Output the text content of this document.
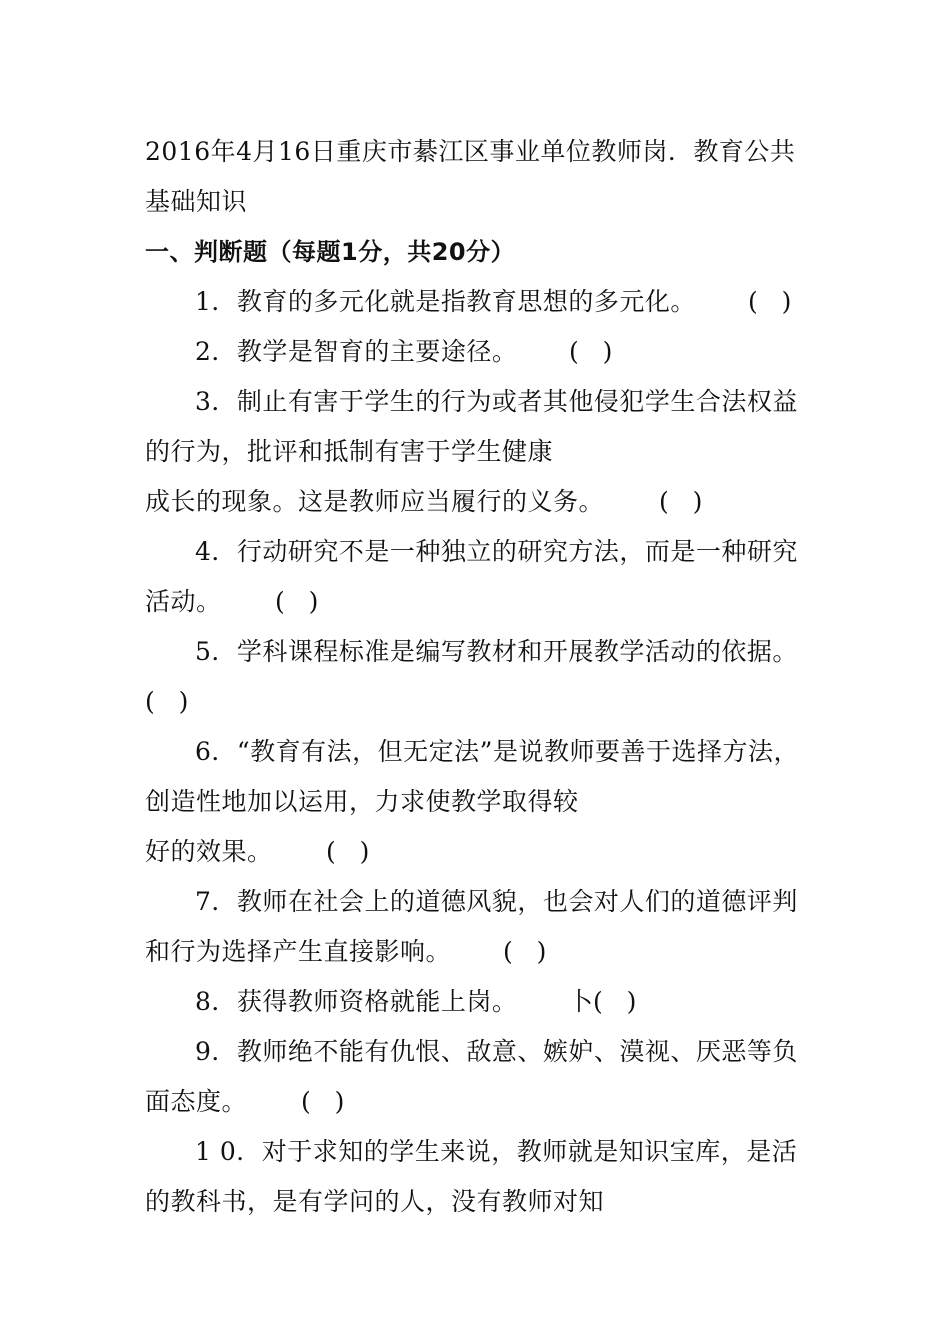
2016年4月16日重庆市綦江区事业单位教师岗．教育公共
基础知识
一、判断题（每题1分，共20分）
1．教育的多元化就是指教育思想的多元化。 (   )
2．教学是智育的主要途径。 (   )
3．制止有害于学生的行为或者其他侵犯学生合法权益
的行为，批评和抵制有害于学生健康
成长的现象。这是教师应当履行的义务。 (   )
4．行动研究不是一种独立的研究方法，而是一种研究
活动。 (   )
5．学科课程标准是编写教材和开展教学活动的依据。
(   )
6．“教育有法，但无定法”是说教师要善于选择方法，
创造性地加以运用，力求使教学取得较
好的效果。 (   )
7．教师在社会上的道德风貌，也会对人们的道德评判
和行为选择产生直接影响。 (   )
8．获得教师资格就能上岗。 卜(   )
9．教师绝不能有仇恨、敌意、嫉妒、漠视、厌恶等负
面态度。 (   )
1 0．对于求知的学生来说，教师就是知识宝库，是活
的教科书，是有学问的人，没有教师对知
